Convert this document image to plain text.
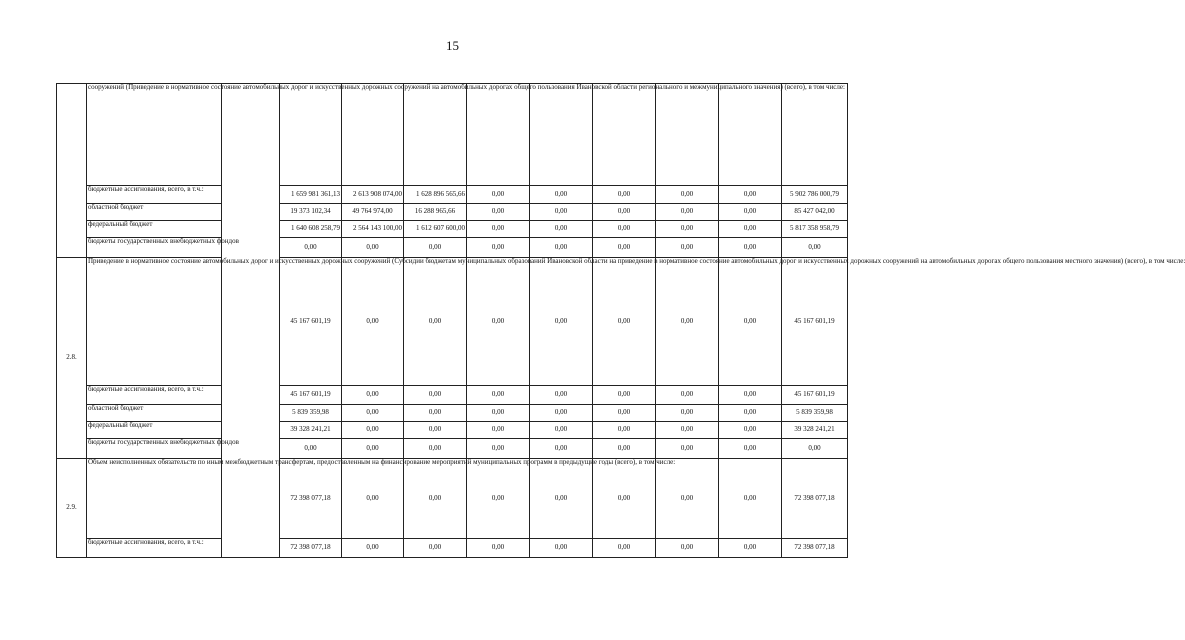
15
	сооружений (Приведение в нормативное состояние автомобильных дорог и искусственных дорожных сооружений на автомобильных дорогах общего пользования Ивановской области регионального и межмуниципального значения) (всего), в том числе:										
	бюджетные ассигнования, всего, в т.ч.:		1 659 981 361,13	2 613 908 074,00	1 628 896 565,66	0,00	0,00	0,00	0,00	0,00	5 902 786 000,79
	областной бюджет		19 373 102,34	49 764 974,00	16 288 965,66	0,00	0,00	0,00	0,00	0,00	85 427 042,00
	федеральный бюджет		1 640 608 258,79	2 564 143 100,00	1 612 607 600,00	0,00	0,00	0,00	0,00	0,00	5 817 358 958,79
	бюджеты государственных внебюджетных фондов		0,00	0,00	0,00	0,00	0,00	0,00	0,00	0,00	0,00
2.8.	Приведение в нормативное состояние автомобильных дорог и искусственных дорожных сооружений (Субсидии бюджетам муниципальных образований Ивановской области на приведение в нормативное состояние автомобильных дорог и искусственных дорожных сооружений на автомобильных дорогах общего пользования местного значения) (всего), в том числе:		45 167 601,19	0,00	0,00	0,00	0,00	0,00	0,00	0,00	45 167 601,19
	бюджетные ассигнования, всего, в т.ч.:		45 167 601,19	0,00	0,00	0,00	0,00	0,00	0,00	0,00	45 167 601,19
	областной бюджет		5 839 359,98	0,00	0,00	0,00	0,00	0,00	0,00	0,00	5 839 359,98
	федеральный бюджет		39 328 241,21	0,00	0,00	0,00	0,00	0,00	0,00	0,00	39 328 241,21
	бюджеты государственных внебюджетных фондов		0,00	0,00	0,00	0,00	0,00	0,00	0,00	0,00	0,00
2.9.	Объем неисполненных обязательств по иным межбюджетным трансфертам, предоставленным на финансирование мероприятий муниципальных программ в предыдущие годы (всего), в том числе:		72 398 077,18	0,00	0,00	0,00	0,00	0,00	0,00	0,00	72 398 077,18
	бюджетные ассигнования, всего, в т.ч.:		72 398 077,18	0,00	0,00	0,00	0,00	0,00	0,00	0,00	72 398 077,18
